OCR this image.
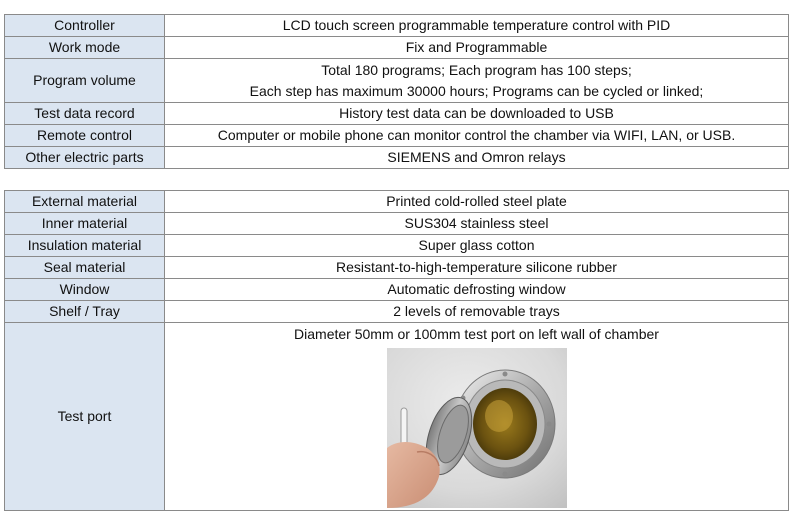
Controller	LCD touch screen programmable temperature control with PID
Work mode	Fix and Programmable
Program volume	Total 180 programs; Each program has 100 steps;
Each step has maximum 30000 hours; Programs can be cycled or linked;

Test data record	History test data can be downloaded to USB
Remote control	Computer or mobile phone can monitor control the chamber via WIFI, LAN, or USB.
Other electric parts	SIEMENS and Omron relays
External material	Printed cold-rolled steel plate
Inner material	SUS304 stainless steel
Insulation material	Super glass cotton
Seal material	Resistant-to-high-temperature silicone rubber
Window	Automatic defrosting window
Shelf / Tray	2 levels of removable trays
Test port	Diameter 50mm or 100mm test port on left wall of chamber
